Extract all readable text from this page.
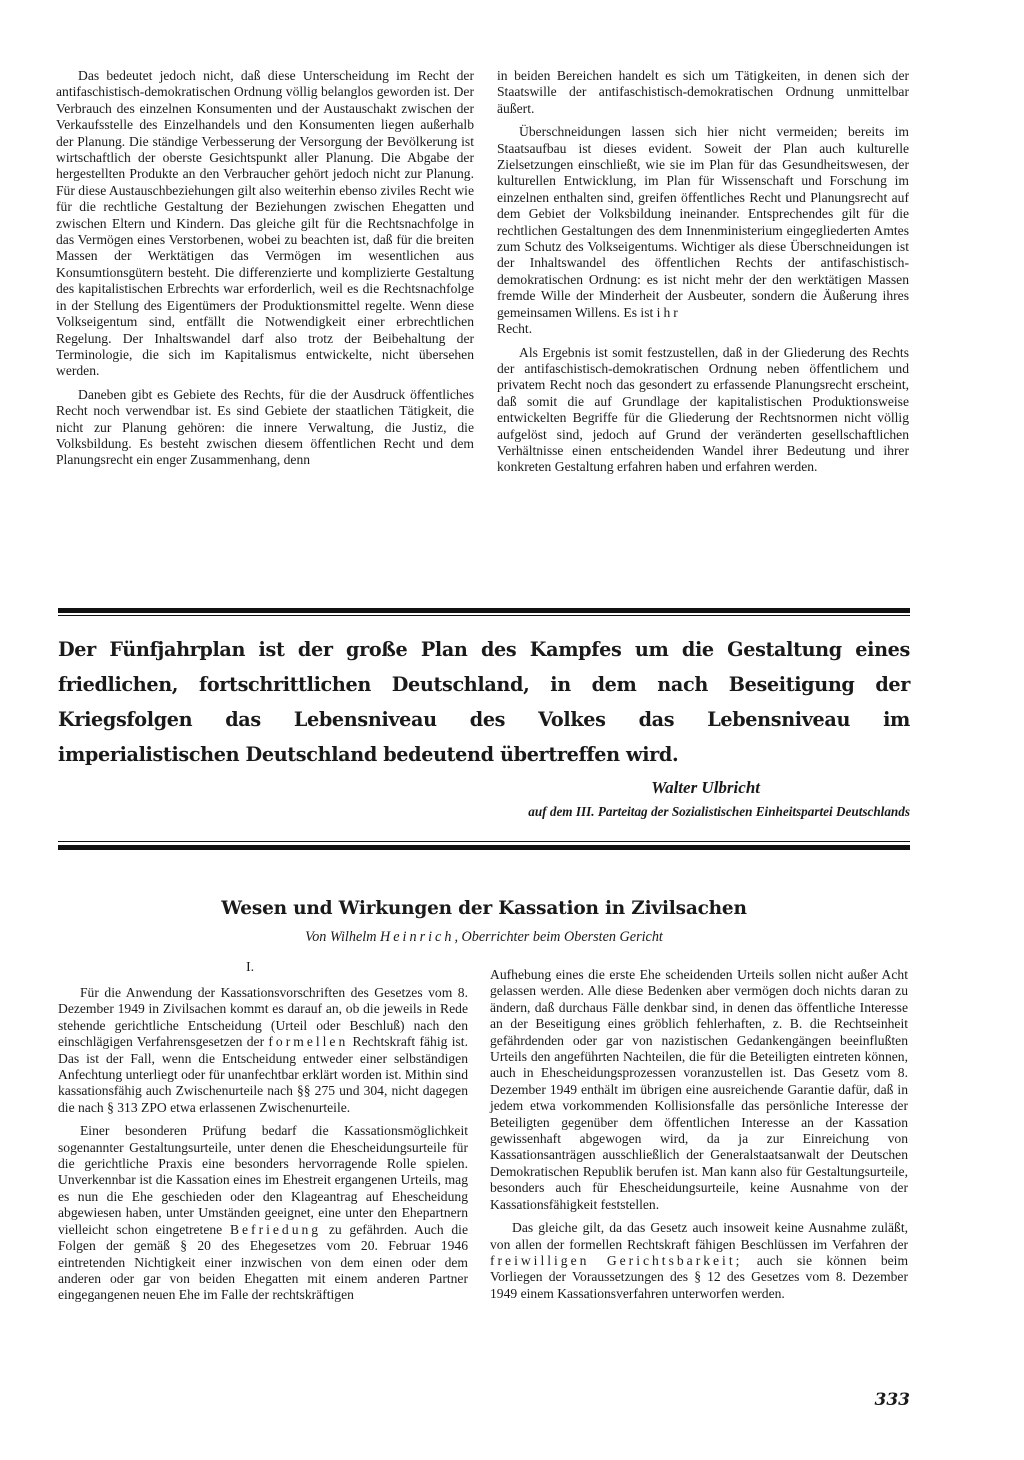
Das bedeutet jedoch nicht, daß diese Unterscheidung im Recht der antifaschistisch-demokratischen Ordnung völlig belanglos geworden ist. Der Verbrauch des einzelnen Konsumenten und der Austauschakt zwischen der Verkaufsstelle des Einzelhandels und den Konsumenten liegen außerhalb der Planung. Die ständige Verbesserung der Versorgung der Bevölkerung ist wirtschaftlich der oberste Gesichtspunkt aller Planung. Die Abgabe der hergestellten Produkte an den Verbraucher gehört jedoch nicht zur Planung. Für diese Austauschbeziehungen gilt also weiterhin ebenso ziviles Recht wie für die rechtliche Gestaltung der Beziehungen zwischen Ehegatten und zwischen Eltern und Kindern. Das gleiche gilt für die Rechtsnachfolge in das Vermögen eines Verstorbenen, wobei zu beachten ist, daß für die breiten Massen der Werktätigen das Vermögen im wesentlichen aus Konsumtionsgütern besteht. Die differenzierte und komplizierte Gestaltung des kapitalistischen Erbrechts war erforderlich, weil es die Rechtsnachfolge in der Stellung des Eigentümers der Produktionsmittel regelte. Wenn diese Volkseigentum sind, entfällt die Notwendigkeit einer erbrechtlichen Regelung. Der Inhaltswandel darf also trotz der Beibehaltung der Terminologie, die sich im Kapitalismus entwickelte, nicht übersehen werden.

Daneben gibt es Gebiete des Rechts, für die der Ausdruck öffentliches Recht noch verwendbar ist. Es sind Gebiete der staatlichen Tätigkeit, die nicht zur Planung gehören: die innere Verwaltung, die Justiz, die Volksbildung. Es besteht zwischen diesem öffentlichen Recht und dem Planungsrecht ein enger Zusammenhang, denn

in beiden Bereichen handelt es sich um Tätigkeiten, in denen sich der Staatswille der antifaschistisch-demokratischen Ordnung unmittelbar äußert.

Überschneidungen lassen sich hier nicht vermeiden; bereits im Staatsaufbau ist dieses evident. Soweit der Plan auch kulturelle Zielsetzungen einschließt, wie sie im Plan für das Gesundheitswesen, der kulturellen Entwicklung, im Plan für Wissenschaft und Forschung im einzelnen enthalten sind, greifen öffentliches Recht und Planungsrecht auf dem Gebiet der Volksbildung ineinander. Entsprechendes gilt für die rechtlichen Gestaltungen des dem Innenministerium eingegliederten Amtes zum Schutz des Volkseigentums. Wichtiger als diese Überschneidungen ist der Inhaltswandel des öffentlichen Rechts der antifaschistisch-demokratischen Ordnung: es ist nicht mehr der den werktätigen Massen fremde Wille der Minderheit der Ausbeuter, sondern die Äußerung ihres gemeinsamen Willens. Es ist ihr
Recht.

Als Ergebnis ist somit festzustellen, daß in der Gliederung des Rechts der antifaschistisch-demokratischen Ordnung neben öffentlichem und privatem Recht noch das gesondert zu erfassende Planungsrecht erscheint, daß somit die auf Grundlage der kapitalistischen Produktionsweise entwickelten Begriffe für die Gliederung der Rechtsnormen nicht völlig aufgelöst sind, jedoch auf Grund der veränderten gesellschaftlichen Verhältnisse einen entscheidenden Wandel ihrer Bedeutung und ihrer konkreten Gestaltung erfahren haben und erfahren werden.

Der Fünfjahrplan ist der große Plan des Kampfes um die Gestaltung eines friedlichen, fortschrittlichen Deutschland, in dem nach Beseitigung der Kriegsfolgen das Lebensniveau des Volkes das Lebensniveau im imperialistischen Deutschland bedeutend übertreffen wird.

Walter Ulbricht

auf dem III. Parteitag der Sozialistischen Einheitspartei Deutschlands

Wesen und Wirkungen der Kassation in Zivilsachen

Von Wilhelm Heinrich, Oberrichter beim Obersten Gericht

I.

Für die Anwendung der Kassationsvorschriften des Gesetzes vom 8. Dezember 1949 in Zivilsachen kommt es darauf an, ob die jeweils in Rede stehende gerichtliche Entscheidung (Urteil oder Beschluß) nach den einschlägigen Verfahrensgesetzen der formellen Rechtskraft fähig ist. Das ist der Fall, wenn die Entscheidung entweder einer selbständigen Anfechtung unterliegt oder für unanfechtbar erklärt worden ist. Mithin sind kassationsfähig auch Zwischenurteile nach §§ 275 und 304, nicht dagegen die nach § 313 ZPO etwa erlassenen Zwischenurteile.

Einer besonderen Prüfung bedarf die Kassationsmöglichkeit sogenannter Gestaltungsurteile, unter denen die Ehescheidungsurteile für die gerichtliche Praxis eine besonders hervorragende Rolle spielen. Unverkennbar ist die Kassation eines im Ehestreit ergangenen Urteils, mag es nun die Ehe geschieden oder den Klageantrag auf Ehescheidung abgewiesen haben, unter Umständen geeignet, eine unter den Ehepartnern vielleicht schon eingetretene Befriedung zu gefährden. Auch die Folgen der gemäß § 20 des Ehegesetzes vom 20. Februar 1946 eintretenden Nichtigkeit einer inzwischen von dem einen oder dem anderen oder gar von beiden Ehegatten mit einem anderen Partner eingegangenen neuen Ehe im Falle der rechtskräftigen

Aufhebung eines die erste Ehe scheidenden Urteils sollen nicht außer Acht gelassen werden. Alle diese Bedenken aber vermögen doch nichts daran zu ändern, daß durchaus Fälle denkbar sind, in denen das öffentliche Interesse an der Beseitigung eines gröblich fehlerhaften, z. B. die Rechtseinheit gefährdenden oder gar von nazistischen Gedankengängen beeinflußten Urteils den angeführten Nachteilen, die für die Beteiligten eintreten können, auch in Ehescheidungsprozessen voranzustellen ist. Das Gesetz vom 8. Dezember 1949 enthält im übrigen eine ausreichende Garantie dafür, daß in jedem etwa vorkommenden Kollisionsfalle das persönliche Interesse der Beteiligten gegenüber dem öffentlichen Interesse an der Kassation gewissenhaft abgewogen wird, da ja zur Einreichung von Kassationsanträgen ausschließlich der Generalstaatsanwalt der Deutschen Demokratischen Republik berufen ist. Man kann also für Gestaltungsurteile, besonders auch für Ehescheidungsurteile, keine Ausnahme von der Kassationsfähigkeit feststellen.

Das gleiche gilt, da das Gesetz auch insoweit keine Ausnahme zuläßt, von allen der formellen Rechtskraft fähigen Beschlüssen im Verfahren der freiwilligen Gerichtsbarkeit; auch sie können beim Vorliegen der Voraussetzungen des § 12 des Gesetzes vom 8. Dezember 1949 einem Kassationsverfahren unterworfen werden.

333
